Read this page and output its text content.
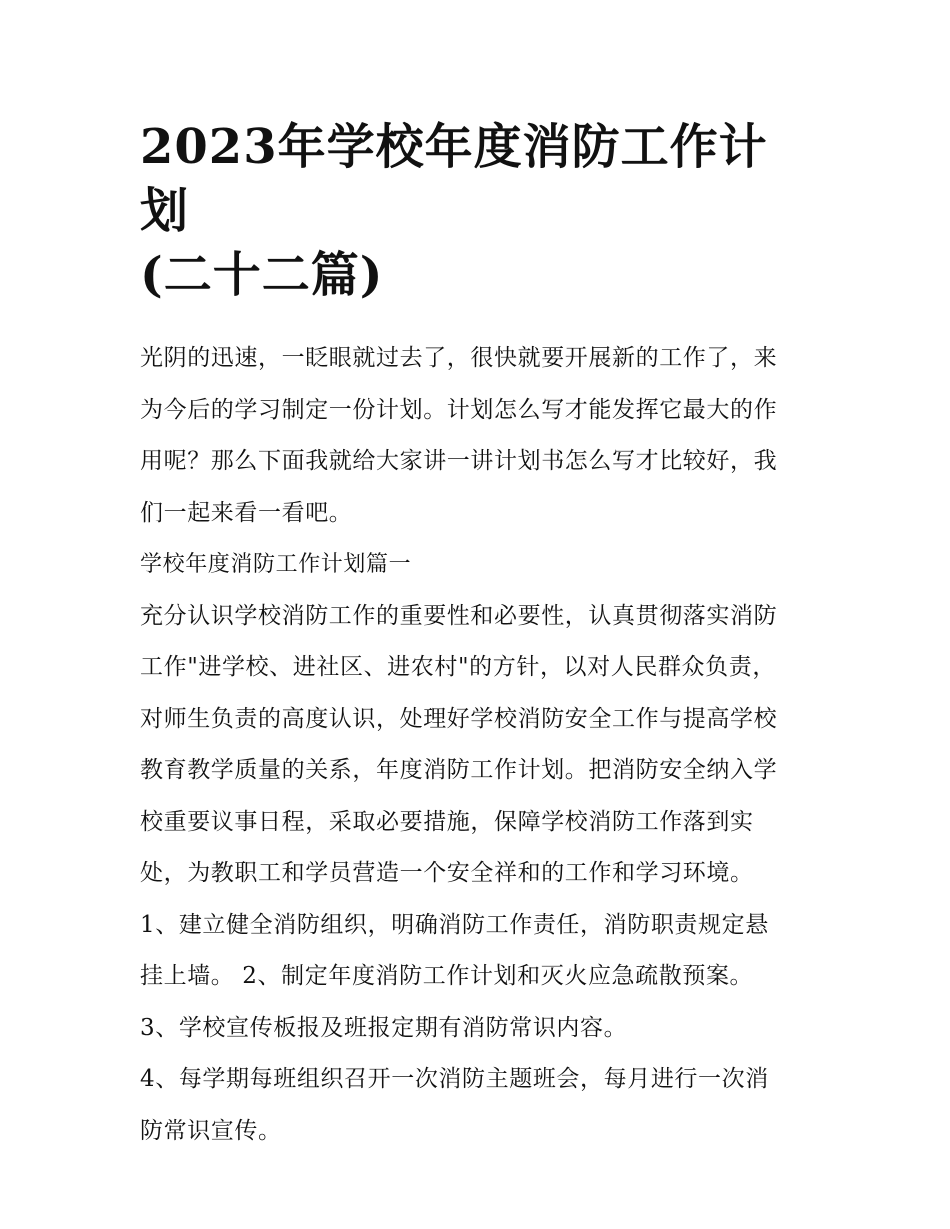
2023年学校年度消防工作计划
(二十二篇)

光阴的迅速，一眨眼就过去了，很快就要开展新的工作了，来

为今后的学习制定一份计划。计划怎么写才能发挥它最大的作

用呢？那么下面我就给大家讲一讲计划书怎么写才比较好，我

们一起来看一看吧。

学校年度消防工作计划篇一

充分认识学校消防工作的重要性和必要性，认真贯彻落实消防

工作"进学校、进社区、进农村"的方针，以对人民群众负责，

对师生负责的高度认识，处理好学校消防安全工作与提高学校

教育教学质量的关系，年度消防工作计划。把消防安全纳入学

校重要议事日程，采取必要措施，保障学校消防工作落到实

处，为教职工和学员营造一个安全祥和的工作和学习环境。

1、建立健全消防组织，明确消防工作责任，消防职责规定悬

挂上墙。 2、制定年度消防工作计划和灭火应急疏散预案。

3、学校宣传板报及班报定期有消防常识内容。

4、每学期每班组织召开一次消防主题班会，每月进行一次消

防常识宣传。
